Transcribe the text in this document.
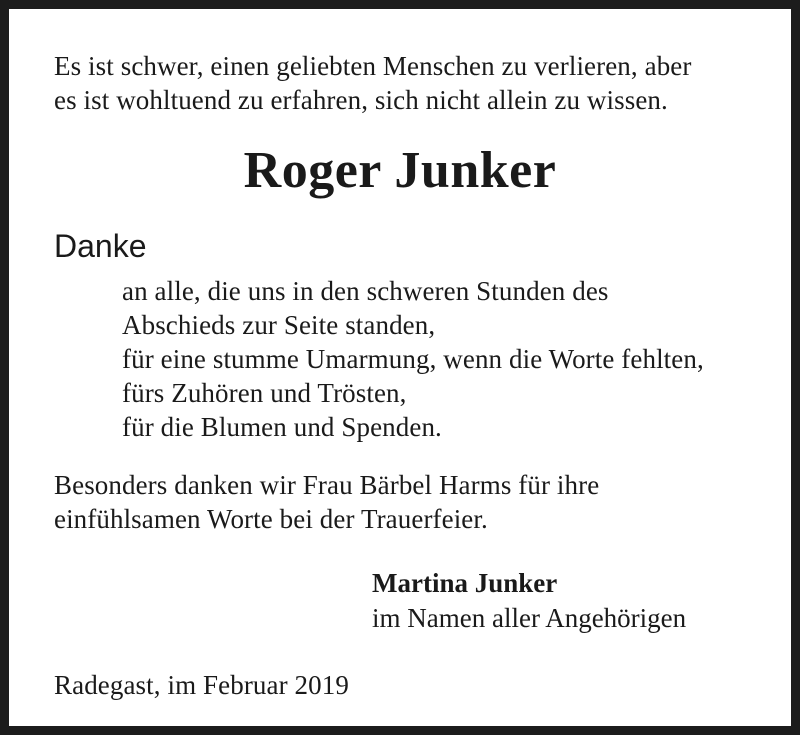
Es ist schwer, einen geliebten Menschen zu verlieren, aber
es ist wohltuend zu erfahren, sich nicht allein zu wissen.
Roger Junker
Danke
an alle, die uns in den schweren Stunden des
Abschieds zur Seite standen,
für eine stumme Umarmung, wenn die Worte fehlten,
fürs Zuhören und Trösten,
für die Blumen und Spenden.
Besonders danken wir Frau Bärbel Harms für ihre
einfühlsamen Worte bei der Trauerfeier.
Martina Junker
im Namen aller Angehörigen
Radegast, im Februar 2019
